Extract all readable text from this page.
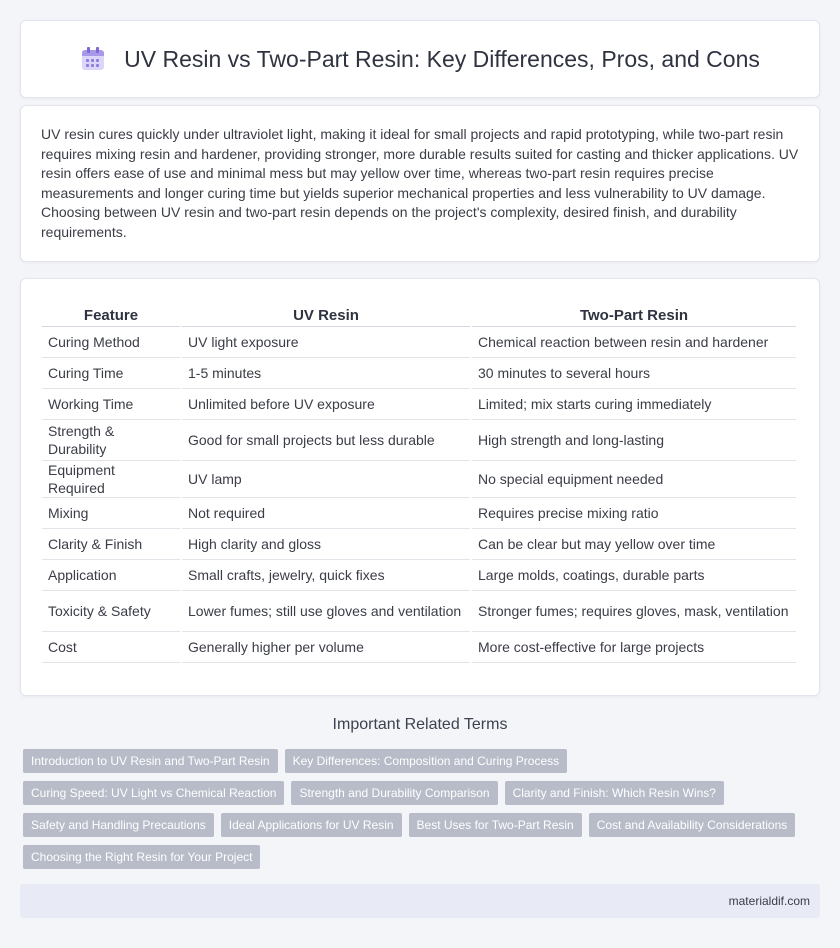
UV Resin vs Two-Part Resin: Key Differences, Pros, and Cons

UV resin cures quickly under ultraviolet light, making it ideal for small projects and rapid prototyping, while two-part resin requires mixing resin and hardener, providing stronger, more durable results suited for casting and thicker applications. UV resin offers ease of use and minimal mess but may yellow over time, whereas two-part resin requires precise measurements and longer curing time but yields superior mechanical properties and less vulnerability to UV damage. Choosing between UV resin and two-part resin depends on the project's complexity, desired finish, and durability requirements.

Feature	UV Resin	Two-Part Resin
Curing Method	UV light exposure	Chemical reaction between resin and hardener
Curing Time	1-5 minutes	30 minutes to several hours
Working Time	Unlimited before UV exposure	Limited; mix starts curing immediately
Strength & Durability	Good for small projects but less durable	High strength and long-lasting
Equipment Required	UV lamp	No special equipment needed
Mixing	Not required	Requires precise mixing ratio
Clarity & Finish	High clarity and gloss	Can be clear but may yellow over time
Application	Small crafts, jewelry, quick fixes	Large molds, coatings, durable parts
Toxicity & Safety	Lower fumes; still use gloves and ventilation	Stronger fumes; requires gloves, mask, ventilation
Cost	Generally higher per volume	More cost-effective for large projects
Important Related Terms
Introduction to UV Resin and Two-Part Resin	Key Differences: Composition and Curing Process
Curing Speed: UV Light vs Chemical Reaction	Strength and Durability Comparison	Clarity and Finish: Which Resin Wins?
Safety and Handling Precautions	Ideal Applications for UV Resin	Best Uses for Two-Part Resin	Cost and Availability Considerations
Choosing the Right Resin for Your Project
materialdif.com
